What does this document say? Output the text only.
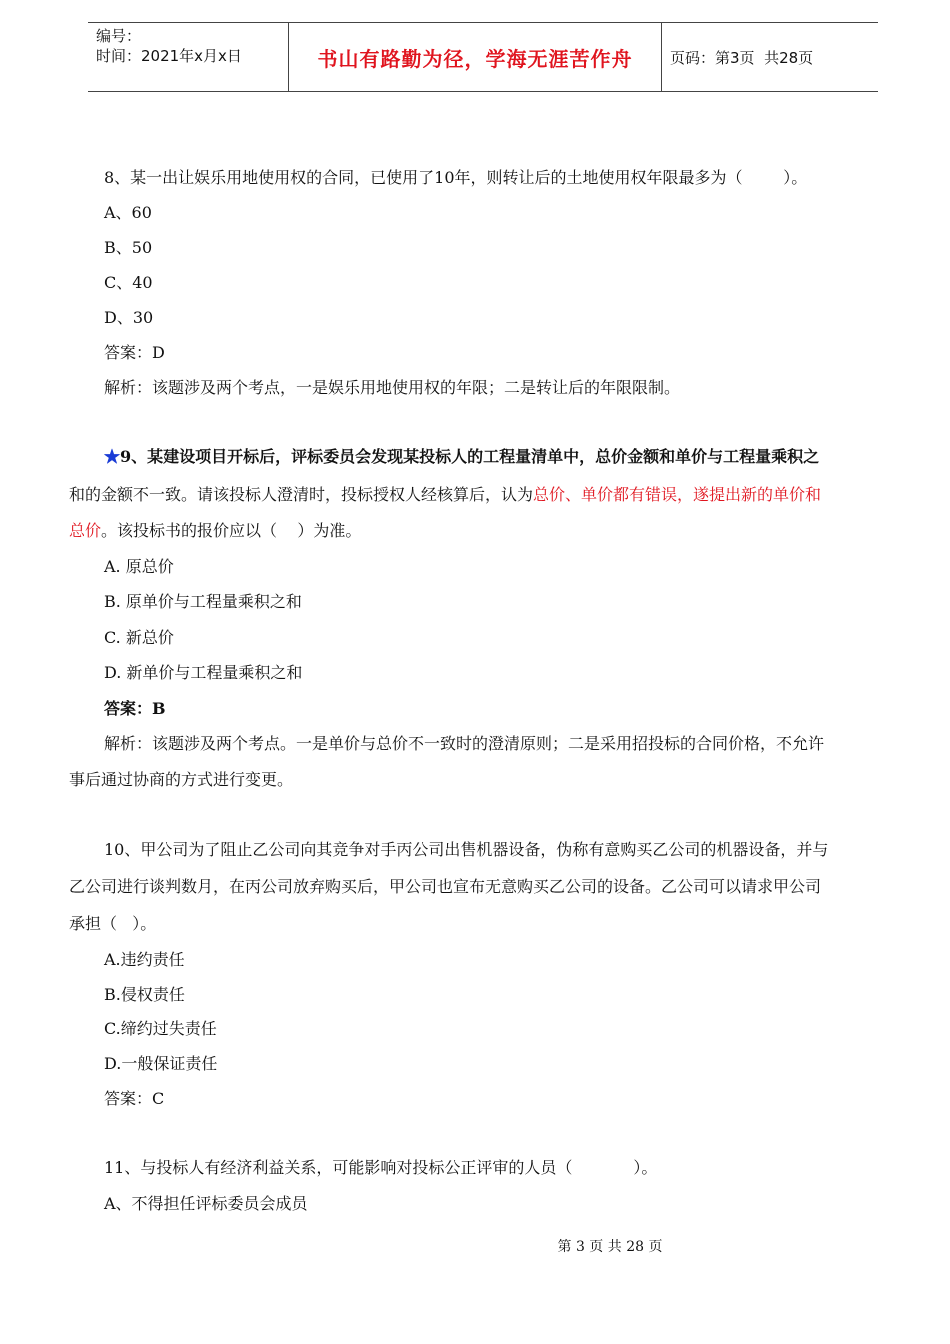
编号：
时间：2021年x月x日	书山有路勤为径，学海无涯苦作舟	页码：第3页  共28页
8、某一出让娱乐用地使用权的合同，已使用了10年，则转让后的土地使用权年限最多为（        ）。
A、60
B、50
C、40
D、30
答案：D
解析：该题涉及两个考点，一是娱乐用地使用权的年限；二是转让后的年限限制。
★9、某建设项目开标后，评标委员会发现某投标人的工程量清单中，总价金额和单价与工程量乘积之
和的金额不一致。请该投标人澄清时，投标授权人经核算后，认为总价、单价都有错误，遂提出新的单价和
总价。该投标书的报价应以（    ）为准。
A. 原总价
B. 原单价与工程量乘积之和
C. 新总价
D. 新单价与工程量乘积之和
答案：B
解析：该题涉及两个考点。一是单价与总价不一致时的澄清原则；二是采用招投标的合同价格，不允许
事后通过协商的方式进行变更。
10、甲公司为了阻止乙公司向其竞争对手丙公司出售机器设备，伪称有意购买乙公司的机器设备，并与
乙公司进行谈判数月，在丙公司放弃购买后，甲公司也宣布无意购买乙公司的设备。乙公司可以请求甲公司
承担（   ）。
A.违约责任
B.侵权责任
C.缔约过失责任
D.一般保证责任
答案：C
11、与投标人有经济利益关系，可能影响对投标公正评审的人员（            ）。
A、不得担任评标委员会成员
第 3 页 共 28 页
